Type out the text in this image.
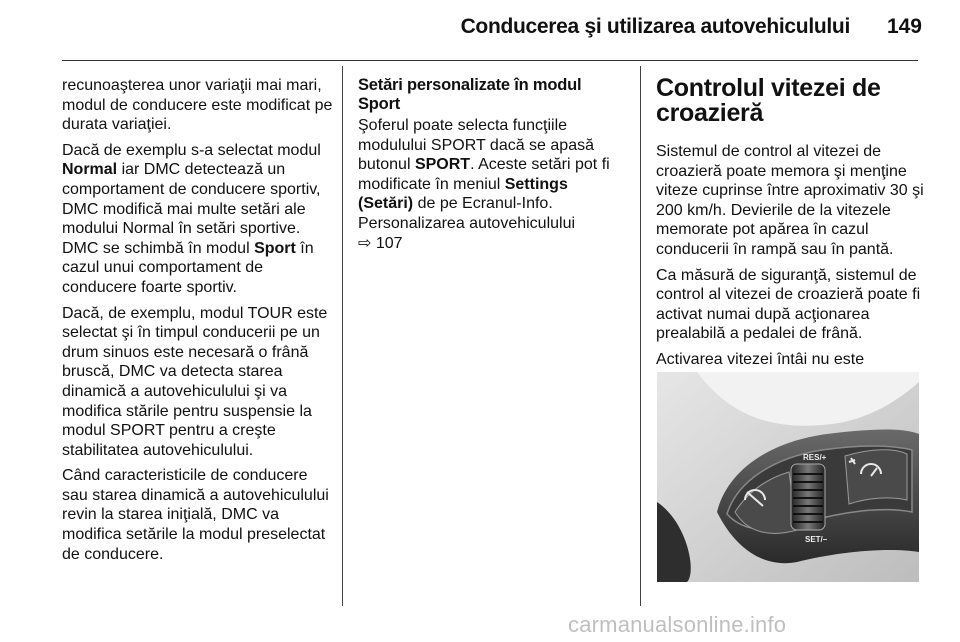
Conducerea şi utilizarea autovehiculului 149

recunoaşterea unor variaţii mai mari, modul de conducere este modificat pe durata variaţiei.

Dacă de exemplu s-a selectat modul Normal iar DMC detectează un comportament de conducere sportiv, DMC modifică mai multe setări ale modului Normal în setări sportive. DMC se schimbă în modul Sport în cazul unui comportament de conducere foarte sportiv.

Dacă, de exemplu, modul TOUR este selectat şi în timpul conducerii pe un drum sinuos este necesară o frână bruscă, DMC va detecta starea dinamică a autovehiculului şi va modifica stările pentru suspensie la modul SPORT pentru a creşte stabilitatea autovehiculului.

Când caracteristicile de conducere sau starea dinamică a autovehiculului revin la starea iniţială, DMC va modifica setările la modul preselectat de conducere.

Setări personalizate în modul Sport

Şoferul poate selecta funcţiile modulului SPORT dacă se apasă butonul SPORT. Aceste setări pot fi modificate în meniul Settings (Setări) de pe Ecranul-Info.
Personalizarea autovehiculului
⇨ 107

Controlul vitezei de croazieră

Sistemul de control al vitezei de croazieră poate memora şi menţine viteze cuprinse între aproximativ 30 şi 200 km/h. Devierile de la vitezele memorate pot apărea în cazul conducerii în rampă sau în pantă.

Ca măsură de siguranţă, sistemul de control al vitezei de croazieră poate fi activat numai după acţionarea prealabilă a pedalei de frână.

Activarea vitezei întâi nu este

RES/+
SET/–
carmanualsonline.info
